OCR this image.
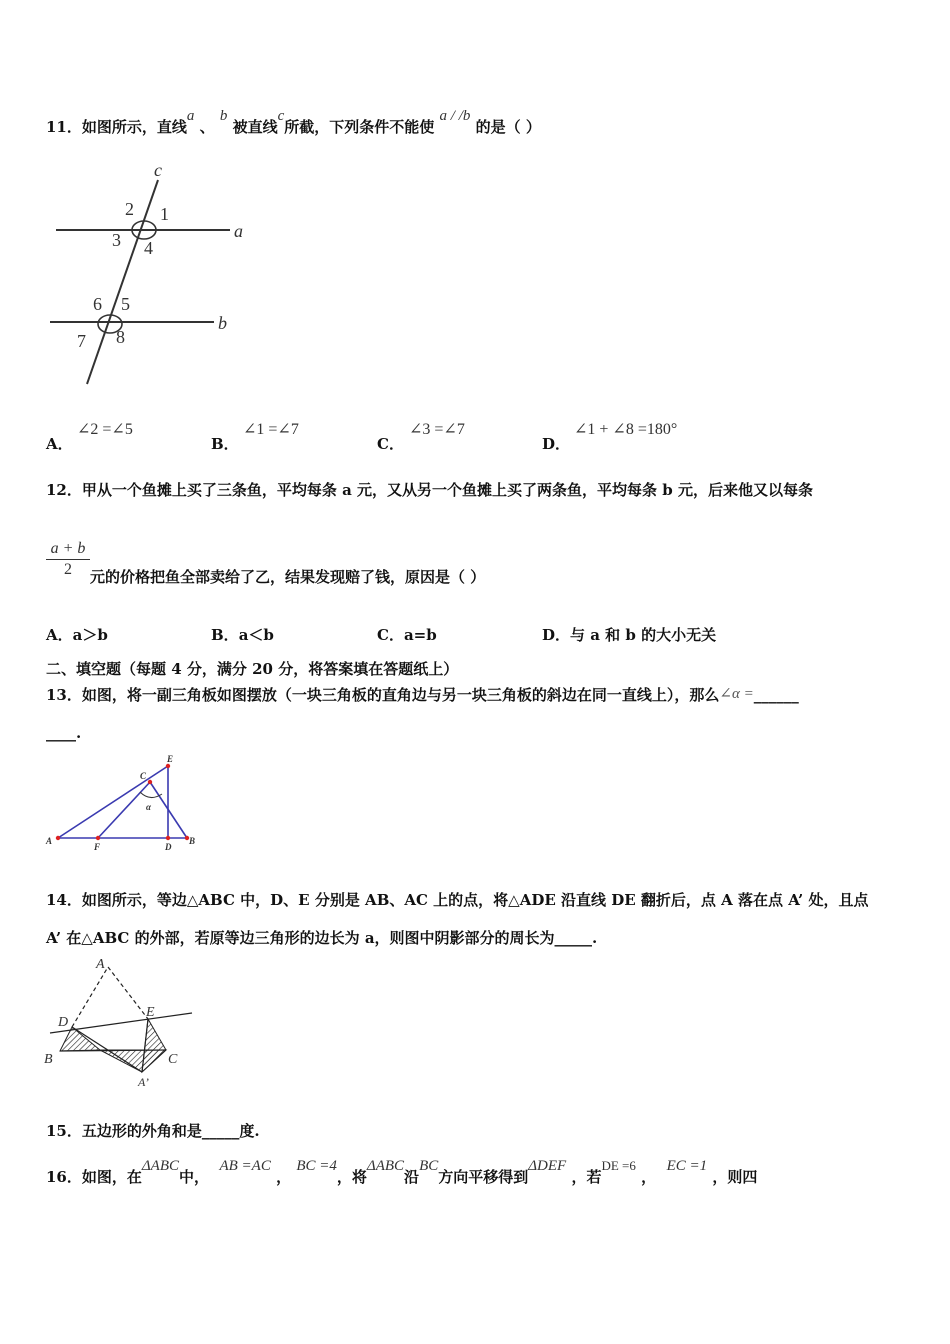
11．如图所示，直线a 、 b 被直线c所截，下列条件不能使 a / /b 的是（ ）
c
a
b
2 1
3 4
6 5
7 8
A．
∠2 =∠5
B．
∠1 =∠7
C．
∠3 =∠7
D．
∠1 + ∠8 =180°
12．甲从一个鱼摊上买了三条鱼，平均每条 a 元，又从另一个鱼摊上买了两条鱼，平均每条 b 元，后来他又以每条
$\frac{a + b}{2}$ 元的价格把鱼全部卖给了乙，结果发现赔了钱，原因是（ ）
A．a＞b	B．a＜b	C．a=b	D．与 a 和 b 的大小无关
二、填空题（每题 4 分，满分 20 分，将答案填在答题纸上）
13．如图，将一副三角板如图摆放（一块三角板的直角边与另一块三角板的斜边在同一直线上），那么∠α =______
____.
A
F	D
B
C
E
α
14．如图所示，等边△ABC 中，D、E 分别是 AB、AC 上的点，将△ADE 沿直线 DE 翻折后，点 A 落在点 A’ 处，且点
A’ 在△ABC 的外部，若原等边三角形的边长为 a，则图中阴影部分的周长为_____.
A
D
E
B	C
A’
15．五边形的外角和是_____度.
16．如图，在ΔABC中，  AB =AC ， BC =4，将ΔABC沿BC方向平移得到ΔDEF ，若DE =6 ，  EC =1 ，则四
